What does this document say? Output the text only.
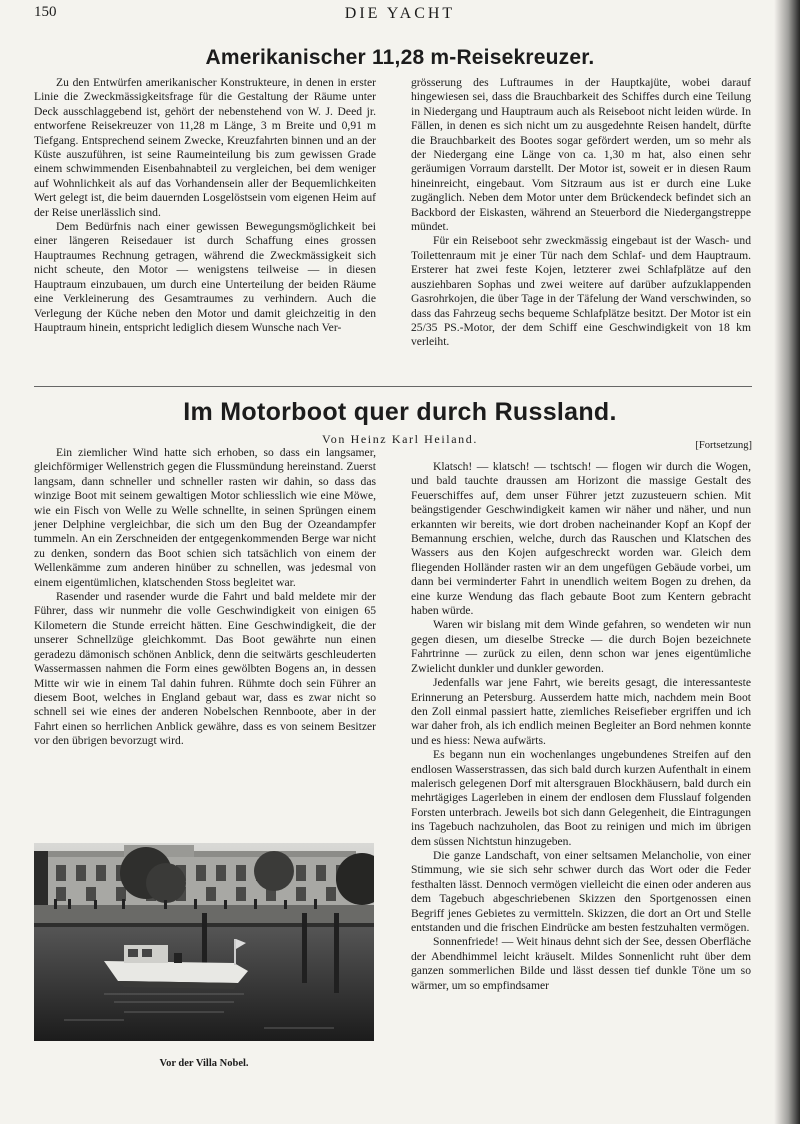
150	DIE YACHT
Amerikanischer 11,28 m-Reisekreuzer.

Zu den Entwürfen amerikanischer Konstrukteure, in denen in erster Linie die Zweckmässigkeitsfrage für die Gestaltung der Räume unter Deck ausschlaggebend ist, gehört der nebenstehend von W. J. Deed jr. entworfene Reisekreuzer von 11,28 m Länge, 3 m Breite und 0,91 m Tiefgang. Entsprechend seinem Zwecke, Kreuzfahrten binnen und an der Küste auszuführen, ist seine Raumeinteilung bis zum gewissen Grade einem schwimmenden Eisenbahnabteil zu vergleichen, bei dem weniger auf Wohnlichkeit als auf das Vorhandensein aller der Bequemlichkeiten Wert gelegt ist, die beim dauernden Losgelöstsein vom eigenen Heim auf der Reise unerlässlich sind.

Dem Bedürfnis nach einer gewissen Bewegungsmöglichkeit bei einer längeren Reisedauer ist durch Schaffung eines grossen Hauptraumes Rechnung getragen, während die Zweckmässigkeit sich nicht scheute, den Motor — wenigstens teilweise — in diesen Hauptraum einzubauen, um durch eine Unterteilung der beiden Räume eine Verkleinerung des Gesamtraumes zu verhindern. Auch die Verlegung der Küche neben den Motor und damit gleichzeitig in den Hauptraum hinein, entspricht lediglich diesem Wunsche nach Ver-

grösserung des Luftraumes in der Hauptkajüte, wobei darauf hingewiesen sei, dass die Brauchbarkeit des Schiffes durch eine Teilung in Niedergang und Hauptraum auch als Reiseboot nicht leiden würde. In Fällen, in denen es sich nicht um zu ausgedehnte Reisen handelt, dürfte die Brauchbarkeit des Bootes sogar gefördert werden, um so mehr als der Niedergang eine Länge von ca. 1,30 m hat, also einen sehr geräumigen Vorraum darstellt. Der Motor ist, soweit er in diesen Raum hineinreicht, eingebaut. Vom Sitzraum aus ist er durch eine Luke zugänglich. Neben dem Motor unter dem Brückendeck befindet sich an Backbord der Eiskasten, während an Steuerbord die Niedergangstreppe mündet.

Für ein Reiseboot sehr zweckmässig eingebaut ist der Wasch- und Toilettenraum mit je einer Tür nach dem Schlaf- und dem Hauptraum. Ersterer hat zwei feste Kojen, letzterer zwei Schlafplätze auf den ausziehbaren Sophas und zwei weitere auf darüber aufzuklappenden Gasrohrkojen, die über Tage in der Täfelung der Wand verschwinden, so dass das Fahrzeug sechs bequeme Schlafplätze besitzt. Der Motor ist ein 25/35 PS.-Motor, der dem Schiff eine Geschwindigkeit von 18 km verleiht.

Im Motorboot quer durch Russland.
Von Heinz Karl Heiland.	[Fortsetzung]

Ein ziemlicher Wind hatte sich erhoben, so dass ein langsamer, gleichförmiger Wellenstrich gegen die Flussmündung hereinstand. Zuerst langsam, dann schneller und schneller rasten wir dahin, so dass das winzige Boot mit seinem gewaltigen Motor schliesslich wie eine Möwe, wie ein Fisch von Welle zu Welle schnellte, in seinen Sprüngen einem jener Delphine vergleichbar, die sich um den Bug der Ozeandampfer tummeln. An ein Zerschneiden der entgegenkommenden Berge war nicht zu denken, sondern das Boot schien sich tatsächlich von einem der Wellenkämme zum anderen hinüber zu schnellen, was jedesmal von einem eigentümlichen, klatschenden Stoss begleitet war.

Rasender und rasender wurde die Fahrt und bald meldete mir der Führer, dass wir nunmehr die volle Geschwindigkeit von einigen 65 Kilometern die Stunde erreicht hätten. Eine Geschwindigkeit, die der unserer Schnellzüge gleichkommt. Das Boot gewährte nun einen geradezu dämonisch schönen Anblick, denn die seitwärts geschleuderten Wassermassen nahmen die Form eines gewölbten Bogens an, in dessen Mitte wir wie in einem Tal dahin fuhren. Rühmte doch sein Führer an diesem Boot, welches in England gebaut war, dass es zwar nicht so schnell sei wie eines der anderen Nobelschen Rennboote, aber in der Fahrt einen so herrlichen Anblick gewähre, dass es von seinem Besitzer vor den übrigen bevorzugt wird.

Vor der Villa Nobel.

Klatsch! — klatsch! — tschtsch! — flogen wir durch die Wogen, und bald tauchte draussen am Horizont die massige Gestalt des Feuerschiffes auf, dem unser Führer jetzt zuzusteuern schien. Mit beängstigender Geschwindigkeit kamen wir näher und näher, und nun erkannten wir bereits, wie dort droben nacheinander Kopf an Kopf der Bemannung erschien, welche, durch das Rauschen und Klatschen des Wassers aus den Kojen aufgeschreckt worden war. Gleich dem fliegenden Holländer rasten wir an dem ungefügen Gebäude vorbei, um dann bei verminderter Fahrt in unendlich weitem Bogen zu drehen, da eine kurze Wendung das flach gebaute Boot zum Kentern gebracht haben würde.

Waren wir bislang mit dem Winde gefahren, so wendeten wir nun gegen diesen, um dieselbe Strecke — die durch Bojen bezeichnete Fahrtrinne — zurück zu eilen, denn schon war jenes eigentümliche Zwielicht dunkler und dunkler geworden.

Jedenfalls war jene Fahrt, wie bereits gesagt, die interessanteste Erinnerung an Petersburg. Ausserdem hatte mich, nachdem mein Boot den Zoll einmal passiert hatte, ziemliches Reisefieber ergriffen und ich war daher froh, als ich endlich meinen Begleiter an Bord nehmen konnte und es hiess: Newa aufwärts.

Es begann nun ein wochenlanges ungebundenes Streifen auf den endlosen Wasserstrassen, das sich bald durch kurzen Aufenthalt in einem malerisch gelegenen Dorf mit altersgrauen Blockhäusern, bald durch ein mehrtägiges Lagerleben in einem der endlosen dem Flusslauf folgenden Forsten unterbrach. Jeweils bot sich dann Gelegenheit, die Eintragungen ins Tagebuch nachzuholen, das Boot zu reinigen und mich im übrigen dem süssen Nichtstun hinzugeben.

Die ganze Landschaft, von einer seltsamen Melancholie, von einer Stimmung, wie sie sich sehr schwer durch das Wort oder die Feder festhalten lässt. Dennoch vermögen vielleicht die einen oder anderen aus dem Tagebuch abgeschriebenen Skizzen den Sportgenossen einen Begriff jenes Gebietes zu vermitteln. Skizzen, die dort an Ort und Stelle entstanden und die frischen Eindrücke am besten festzuhalten vermögen.

Sonnenfriede! — Weit hinaus dehnt sich der See, dessen Oberfläche der Abendhimmel leicht kräuselt. Mildes Sonnenlicht ruht über dem ganzen sommerlichen Bilde und lässt dessen tief dunkle Töne um so wärmer, um so empfindsamer
